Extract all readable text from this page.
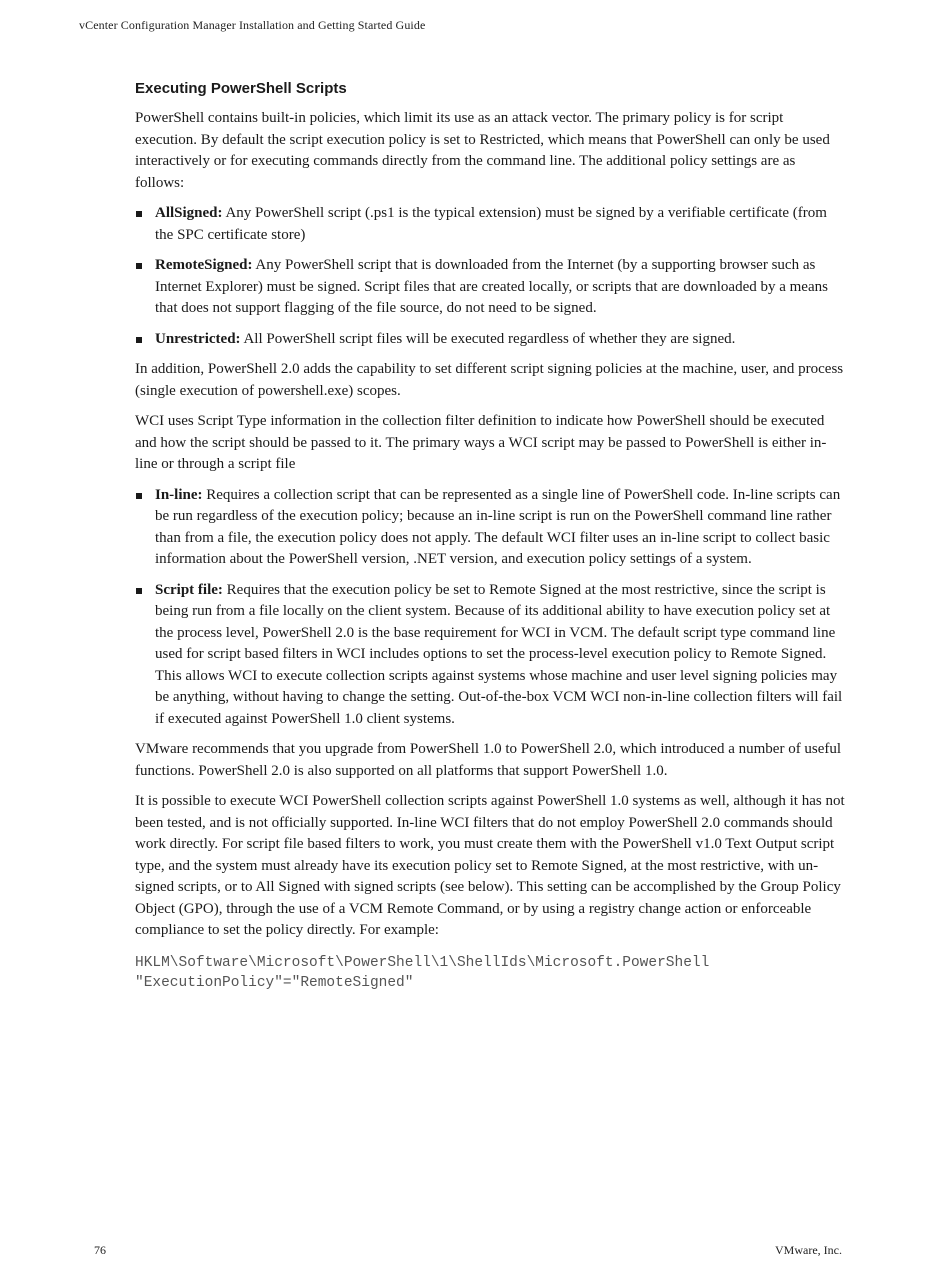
vCenter Configuration Manager Installation and Getting Started Guide
Executing PowerShell Scripts

PowerShell contains built-in policies, which limit its use as an attack vector. The primary policy is for script execution. By default the script execution policy is set to Restricted, which means that PowerShell can only be used interactively or for executing commands directly from the command line. The additional policy settings are as follows:

AllSigned: Any PowerShell script (.ps1 is the typical extension) must be signed by a verifiable certificate (from the SPC certificate store)
RemoteSigned: Any PowerShell script that is downloaded from the Internet (by a supporting browser such as Internet Explorer) must be signed. Script files that are created locally, or scripts that are downloaded by a means that does not support flagging of the file source, do not need to be signed.
Unrestricted: All PowerShell script files will be executed regardless of whether they are signed.

In addition, PowerShell 2.0 adds the capability to set different script signing policies at the machine, user, and process (single execution of powershell.exe) scopes.

WCI uses Script Type information in the collection filter definition to indicate how PowerShell should be executed and how the script should be passed to it. The primary ways a WCI script may be passed to PowerShell is either in-line or through a script file

In-line: Requires a collection script that can be represented as a single line of PowerShell code. In-line scripts can be run regardless of the execution policy; because an in-line script is run on the PowerShell command line rather than from a file, the execution policy does not apply. The default WCI filter uses an in-line script to collect basic information about the PowerShell version, .NET version, and execution policy settings of a system.
Script file: Requires that the execution policy be set to Remote Signed at the most restrictive, since the script is being run from a file locally on the client system. Because of its additional ability to have execution policy set at the process level, PowerShell 2.0 is the base requirement for WCI in VCM. The default script type command line used for script based filters in WCI includes options to set the process-level execution policy to Remote Signed. This allows WCI to execute collection scripts against systems whose machine and user level signing policies may be anything, without having to change the setting. Out-of-the-box VCM WCI non-in-line collection filters will fail if executed against PowerShell 1.0 client systems.

VMware recommends that you upgrade from PowerShell 1.0 to PowerShell 2.0, which introduced a number of useful functions. PowerShell 2.0 is also supported on all platforms that support PowerShell 1.0.

It is possible to execute WCI PowerShell collection scripts against PowerShell 1.0 systems as well, although it has not been tested, and is not officially supported. In-line WCI filters that do not employ PowerShell 2.0 commands should work directly. For script file based filters to work, you must create them with the PowerShell v1.0 Text Output script type, and the system must already have its execution policy set to Remote Signed, at the most restrictive, with un-signed scripts, or to All Signed with signed scripts (see below). This setting can be accomplished by the Group Policy Object (GPO), through the use of a VCM Remote Command, or by using a registry change action or enforceable compliance to set the policy directly. For example:

HKLM\Software\Microsoft\PowerShell\1\ShellIds\Microsoft.PowerShell
"ExecutionPolicy"="RemoteSigned"
76	VMware, Inc.
